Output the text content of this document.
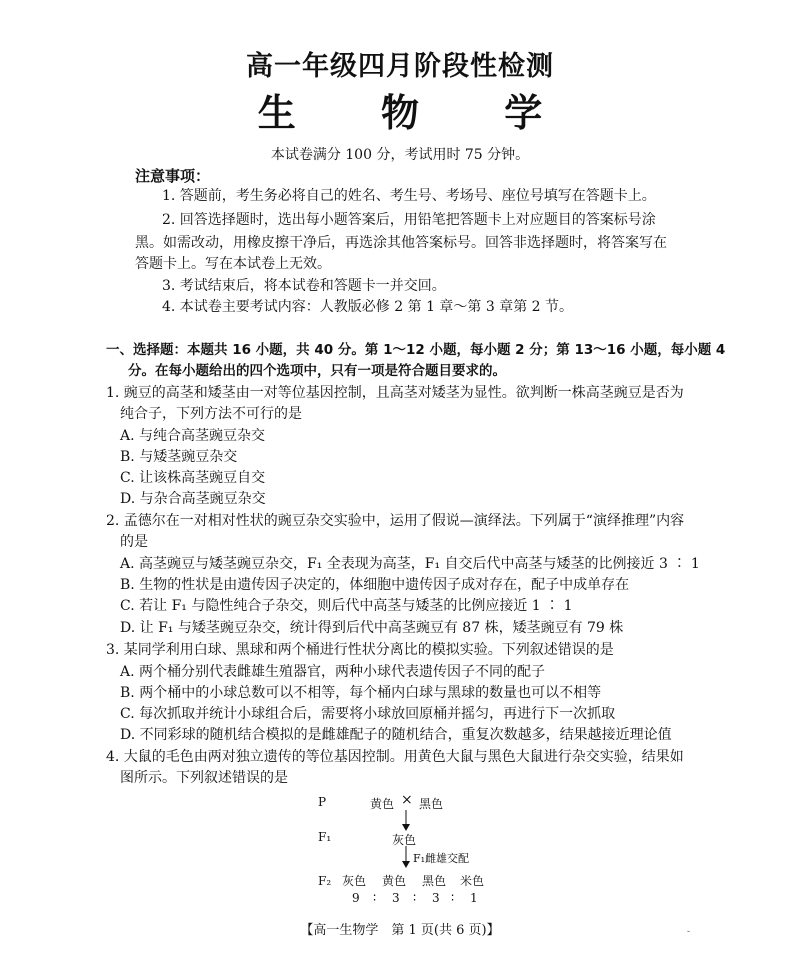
高一年级四月阶段性检测
生 物 学
本试卷满分 100 分，考试用时 75 分钟。
注意事项：
1. 答题前，考生务必将自己的姓名、考生号、考场号、座位号填写在答题卡上。
2. 回答选择题时，选出每小题答案后，用铅笔把答题卡上对应题目的答案标号涂
黑。如需改动，用橡皮擦干净后，再选涂其他答案标号。回答非选择题时，将答案写在
答题卡上。写在本试卷上无效。
3. 考试结束后，将本试卷和答题卡一并交回。
4. 本试卷主要考试内容：人教版必修 2 第 1 章～第 3 章第 2 节。
一、选择题：本题共 16 小题，共 40 分。第 1～12 小题，每小题 2 分；第 13～16 小题，每小题 4
分。在每小题给出的四个选项中，只有一项是符合题目要求的。
1. 豌豆的高茎和矮茎由一对等位基因控制，且高茎对矮茎为显性。欲判断一株高茎豌豆是否为
纯合子，下列方法不可行的是
A. 与纯合高茎豌豆杂交
B. 与矮茎豌豆杂交
C. 让该株高茎豌豆自交
D. 与杂合高茎豌豆杂交
2. 孟德尔在一对相对性状的豌豆杂交实验中，运用了假说—演绎法。下列属于“演绎推理”内容
的是
A. 高茎豌豆与矮茎豌豆杂交，F₁ 全表现为高茎，F₁ 自交后代中高茎与矮茎的比例接近 3 ∶ 1
B. 生物的性状是由遗传因子决定的，体细胞中遗传因子成对存在，配子中成单存在
C. 若让 F₁ 与隐性纯合子杂交，则后代中高茎与矮茎的比例应接近 1 ∶ 1
D. 让 F₁ 与矮茎豌豆杂交，统计得到后代中高茎豌豆有 87 株，矮茎豌豆有 79 株
3. 某同学利用白球、黑球和两个桶进行性状分离比的模拟实验。下列叙述错误的是
A. 两个桶分别代表雌雄生殖器官，两种小球代表遗传因子不同的配子
B. 两个桶中的小球总数可以不相等，每个桶内白球与黑球的数量也可以不相等
C. 每次抓取并统计小球组合后，需要将小球放回原桶并摇匀，再进行下一次抓取
D. 不同彩球的随机结合模拟的是雌雄配子的随机结合，重复次数越多，结果越接近理论值
4. 大鼠的毛色由两对独立遗传的等位基因控制。用黄色大鼠与黑色大鼠进行杂交实验，结果如
图所示。下列叙述错误的是
P	黄色 × 黑色
F₁	灰色
F₁雌雄交配
F₂ 灰色 黄色 黑色 米色
9 ∶ 3 ∶ 3 ∶ 1
【高一生物学　第 1 页(共 6 页)】	-
